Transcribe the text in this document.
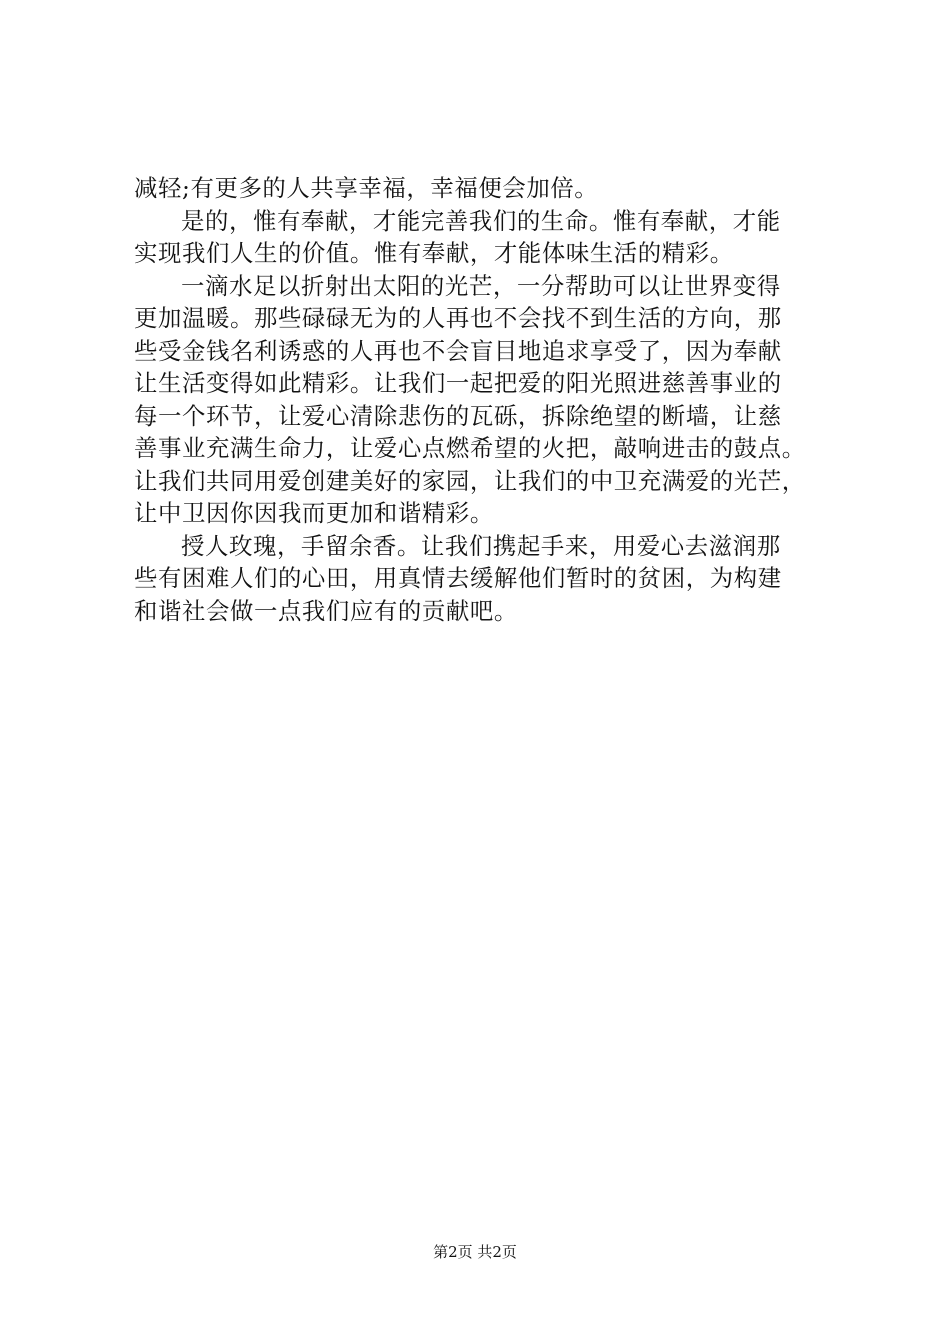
减轻;有更多的人共享幸福，幸福便会加倍。
是的，惟有奉献，才能完善我们的生命。惟有奉献，才能
实现我们人生的价值。惟有奉献，才能体味生活的精彩。
一滴水足以折射出太阳的光芒，一分帮助可以让世界变得
更加温暖。那些碌碌无为的人再也不会找不到生活的方向，那
些受金钱名利诱惑的人再也不会盲目地追求享受了，因为奉献
让生活变得如此精彩。让我们一起把爱的阳光照进慈善事业的
每一个环节，让爱心清除悲伤的瓦砾，拆除绝望的断墙，让慈
善事业充满生命力，让爱心点燃希望的火把，敲响进击的鼓点。
让我们共同用爱创建美好的家园，让我们的中卫充满爱的光芒，
让中卫因你因我而更加和谐精彩。
授人玫瑰，手留余香。让我们携起手来，用爱心去滋润那
些有困难人们的心田，用真情去缓解他们暂时的贫困，为构建
和谐社会做一点我们应有的贡献吧。
第2页 共2页
